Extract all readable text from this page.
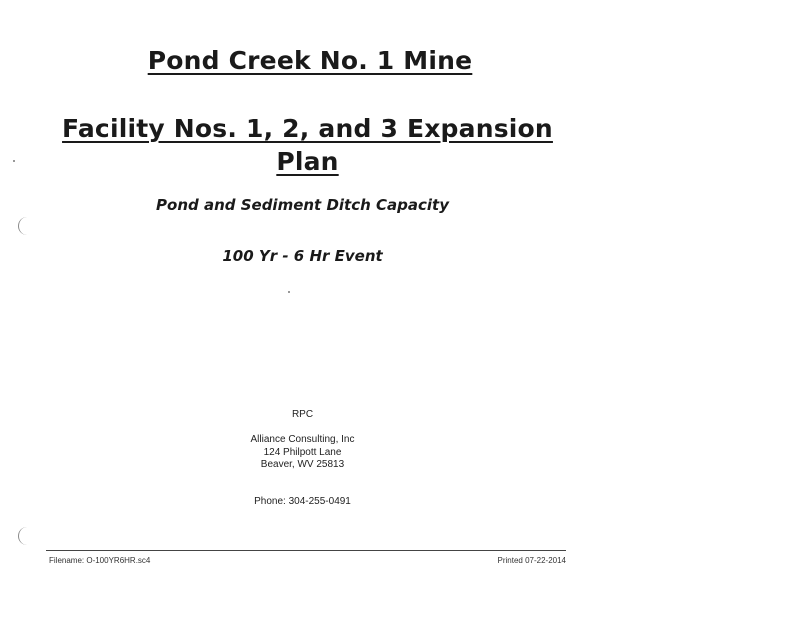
Pond Creek No. 1 Mine
Facility Nos. 1, 2, and 3 Expansion
Plan
Pond and Sediment Ditch Capacity
100 Yr - 6 Hr Event
RPC
Alliance Consulting, Inc
124 Philpott Lane
Beaver, WV 25813
Phone: 304-255-0491
Filename: O-100YR6HR.sc4	Printed 07-22-2014
